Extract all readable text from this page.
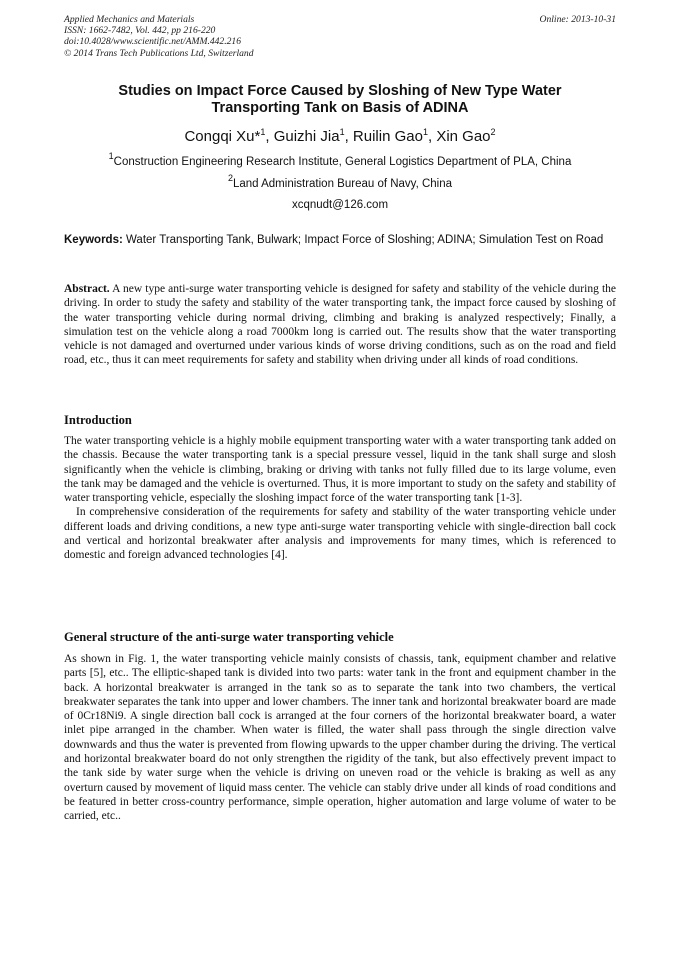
Applied Mechanics and Materials
ISSN: 1662-7482, Vol. 442, pp 216-220
doi:10.4028/www.scientific.net/AMM.442.216
© 2014 Trans Tech Publications Ltd, Switzerland
Online: 2013-10-31
Studies on Impact Force Caused by Sloshing of New Type Water
Transporting Tank on Basis of ADINA
Congqi Xu*$^1$, Guizhi Jia$^1$, Ruilin Gao$^1$, Xin Gao$^2$
$^1$Construction Engineering Research Institute, General Logistics Department of PLA, China
$^2$Land Administration Bureau of Navy, China
xcqnudt@126.com
Keywords: Water Transporting Tank, Bulwark; Impact Force of Sloshing; ADINA; Simulation Test on Road

Abstract. A new type anti-surge water transporting vehicle is designed for safety and stability of the vehicle during the driving. In order to study the safety and stability of the water transporting tank, the impact force caused by sloshing of the water transporting vehicle during normal driving, climbing and braking is analyzed respectively; Finally, a simulation test on the vehicle along a road 7000km long is carried out. The results show that the water transporting vehicle is not damaged and overturned under various kinds of worse driving conditions, such as on the road and field road, etc., thus it can meet requirements for safety and stability when driving under all kinds of road conditions.

Introduction

The water transporting vehicle is a highly mobile equipment transporting water with a water transporting tank added on the chassis. Because the water transporting tank is a special pressure vessel, liquid in the tank shall surge and slosh significantly when the vehicle is climbing, braking or driving with tanks not fully filled due to its large volume, even the tank may be damaged and the vehicle is overturned. Thus, it is more important to study on the safety and stability of water transporting vehicle, especially the sloshing impact force of the water transporting tank [1-3].

In comprehensive consideration of the requirements for safety and stability of the water transporting vehicle under different loads and driving conditions, a new type anti-surge water transporting vehicle with single-direction ball cock and vertical and horizontal breakwater after analysis and improvements for many times, which is referenced to domestic and foreign advanced technologies [4].

General structure of the anti-surge water transporting vehicle

As shown in Fig. 1, the water transporting vehicle mainly consists of chassis, tank, equipment chamber and relative parts [5], etc.. The elliptic-shaped tank is divided into two parts: water tank in the front and equipment chamber in the back. A horizontal breakwater is arranged in the tank so as to separate the tank into two chambers, the vertical breakwater separates the tank into upper and lower chambers. The inner tank and horizontal breakwater board are made of 0Cr18Ni9. A single direction ball cock is arranged at the four corners of the horizontal breakwater board, a water inlet pipe arranged in the chamber. When water is filled, the water shall pass through the single direction valve downwards and thus the water is prevented from flowing upwards to the upper chamber during the driving. The vertical and horizontal breakwater board do not only strengthen the rigidity of the tank, but also effectively prevent impact to the tank side by water surge when the vehicle is driving on uneven road or the vehicle is braking as well as any overturn caused by movement of liquid mass center. The vehicle can stably drive under all kinds of road conditions and be featured in better cross-country performance, simple operation, higher automation and large volume of water to be carried, etc..
